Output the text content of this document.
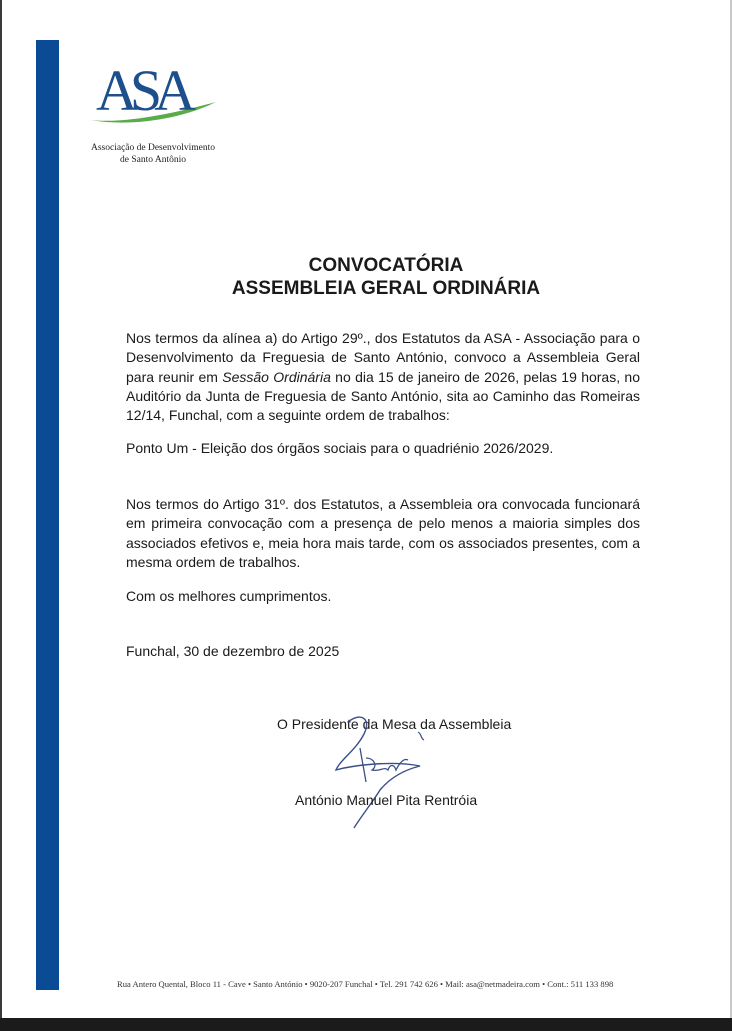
ASA
Associação de Desenvolvimento
de Santo Antônio
CONVOCATÓRIA
ASSEMBLEIA GERAL ORDINÁRIA
Nos termos da alínea a) do Artigo 29º., dos Estatutos da ASA - Associação para o Desenvolvimento da Freguesia de Santo António, convoco a Assembleia Geral para reunir em Sessão Ordinária no dia 15 de janeiro de 2026, pelas 19 horas, no Auditório da Junta de Freguesia de Santo António, sita ao Caminho das Romeiras 12/14, Funchal, com a seguinte ordem de trabalhos:
Ponto Um - Eleição dos órgãos sociais para o quadriénio 2026/2029.
Nos termos do Artigo 31º. dos Estatutos, a Assembleia ora convocada funcionará em primeira convocação com a presença de pelo menos a maioria simples dos associados efetivos e, meia hora mais tarde, com os associados presentes, com a mesma ordem de trabalhos.
Com os melhores cumprimentos.
Funchal, 30 de dezembro de 2025
O Presidente da Mesa da Assembleia
António Manuel Pita Rentróia
Rua Antero Quental, Bloco 11 - Cave • Santo António • 9020-207 Funchal • Tel. 291 742 626 • Mail: asa@netmadeira.com • Cont.: 511 133 898
